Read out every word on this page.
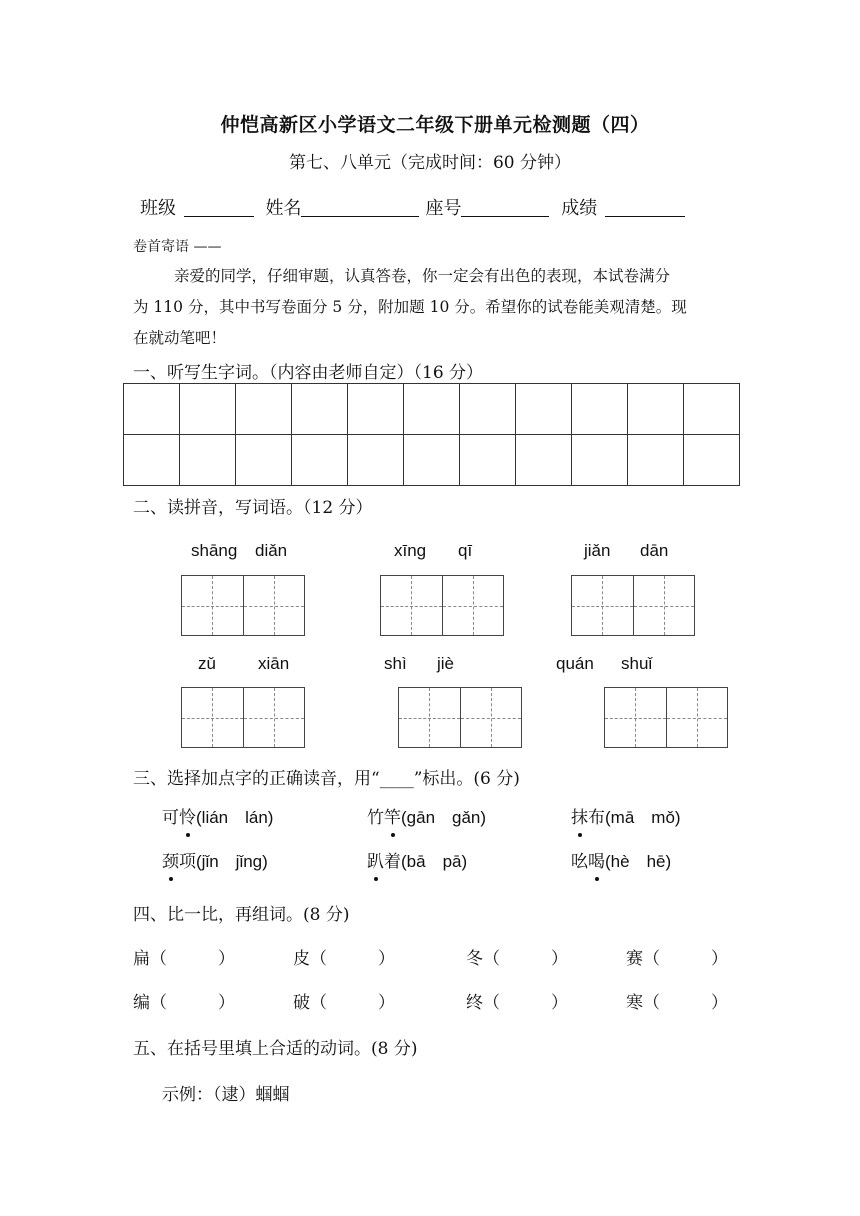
仲恺高新区小学语文二年级下册单元检测题（四）
第七、八单元（完成时间：60 分钟）
班级	姓名	座号	成绩
卷首寄语 ——
亲爱的同学，仔细审题，认真答卷，你一定会有出色的表现，本试卷满分
为 110 分，其中书写卷面分 5 分，附加题 10 分。希望你的试卷能美观清楚。现
在就动笔吧！
一、听写生字词。（内容由老师自定）（16 分）

二、读拼音，写词语。（12 分）
shāng diǎn	xīng qī	jiǎn dān
zǔ xiān	shì jiè	quán shuǐ
三、选择加点字的正确读音，用“____”标出。(6 分)
可怜(lián　lán)	竹竿(gān　gǎn)	抹布(mā　mǒ)
颈项(jǐn　jǐng)	趴着(bā　pā)	吆喝(hè　hē)
四、比一比，再组词。(8 分)
扁（　　　）	皮（　　　）	冬（　　　）	赛（　　　）
编（　　　）	破（　　　）	终（　　　）	寒（　　　）
五、在括号里填上合适的动词。(8 分)
示例：（逮）蝈蝈
